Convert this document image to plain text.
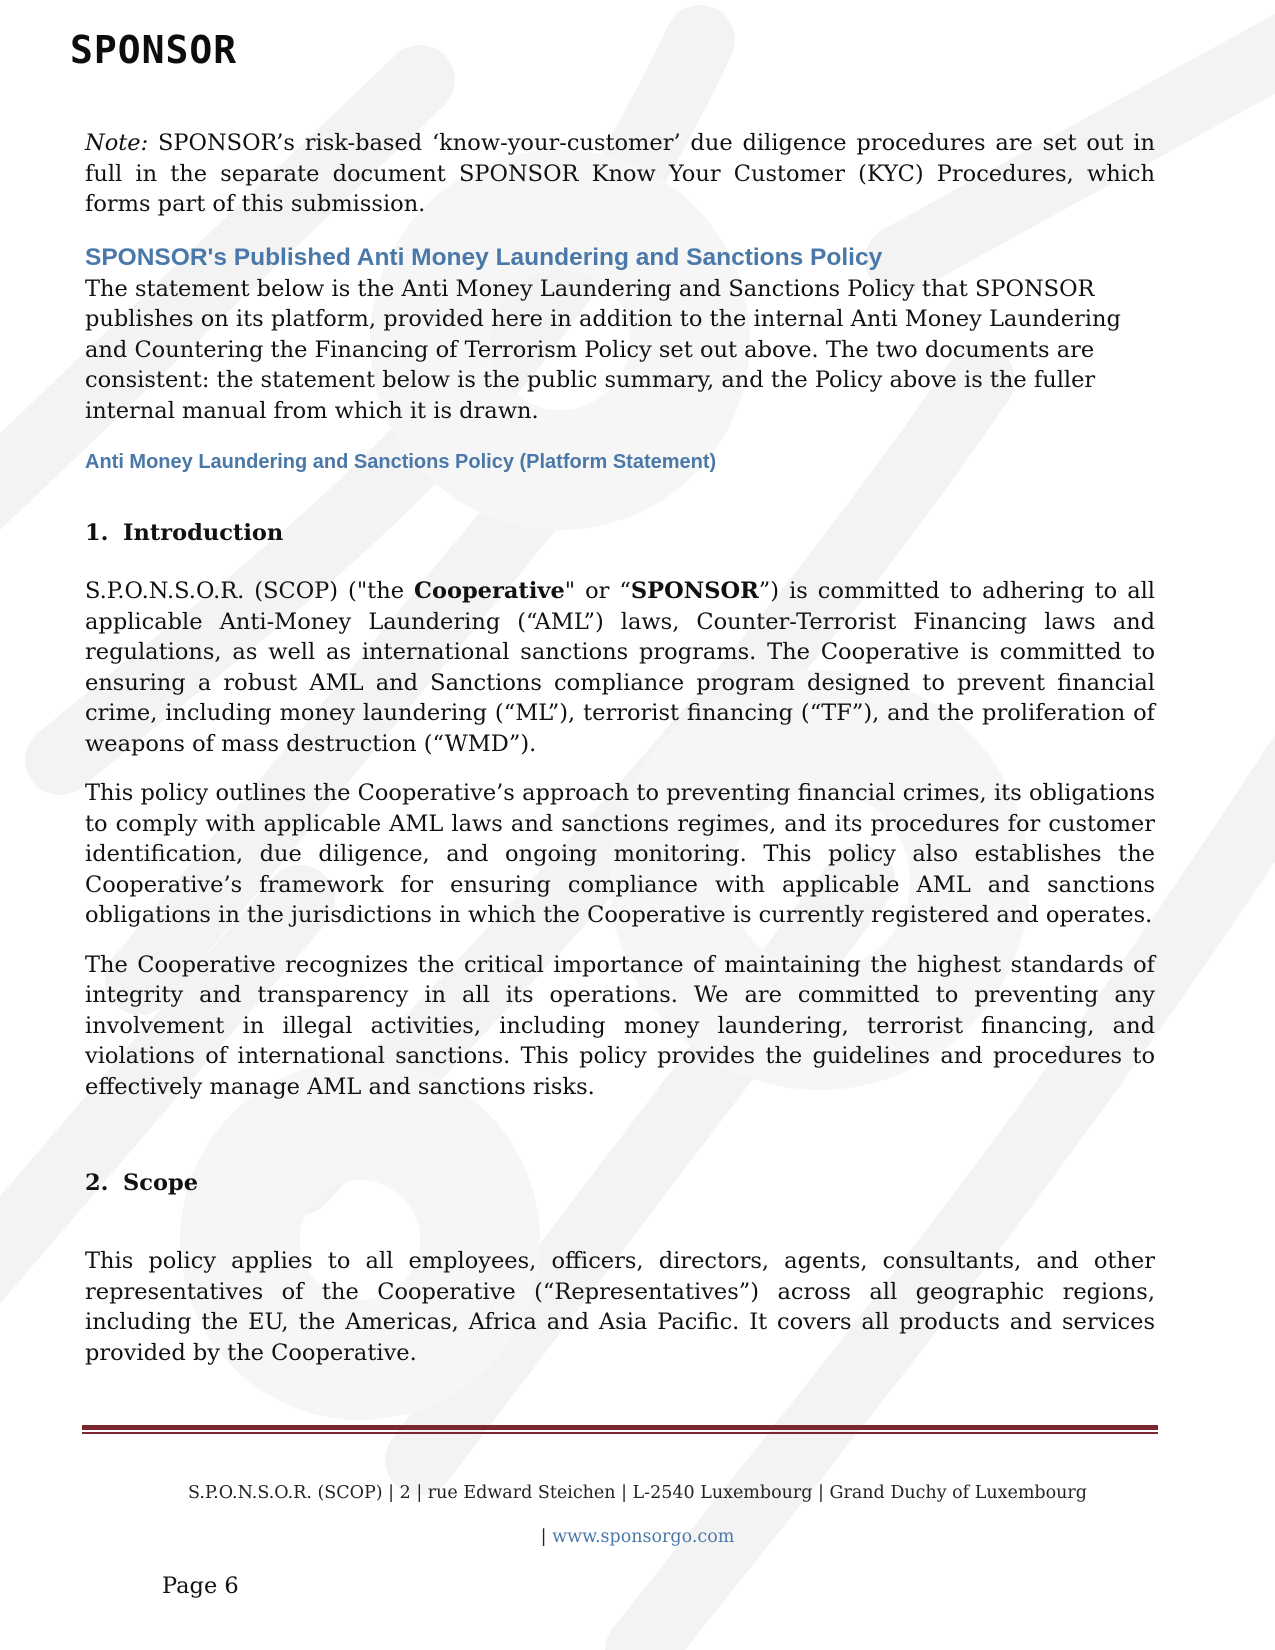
SPONSOR

Note: SPONSOR’s risk-based ‘know-your-customer’ due diligence procedures are set out in full in the separate document SPONSOR Know Your Customer (KYC) Procedures, which forms part of this submission.

SPONSOR's Published Anti Money Laundering and Sanctions Policy

The statement below is the Anti Money Laundering and Sanctions Policy that SPONSOR publishes on its platform, provided here in addition to the internal Anti Money Laundering and Countering the Financing of Terrorism Policy set out above. The two documents are consistent: the statement below is the public summary, and the Policy above is the fuller internal manual from which it is drawn.

Anti Money Laundering and Sanctions Policy (Platform Statement)
1. Introduction

S.P.O.N.S.O.R. (SCOP) ("the Cooperative" or “SPONSOR”) is committed to adhering to all applicable Anti-Money Laundering (“AML”) laws, Counter-Terrorist Financing laws and regulations, as well as international sanctions programs. The Cooperative is committed to ensuring a robust AML and Sanctions compliance program designed to prevent financial crime, including money laundering (“ML”), terrorist financing (“TF”), and the proliferation of weapons of mass destruction (“WMD”).

This policy outlines the Cooperative’s approach to preventing financial crimes, its obligations to comply with applicable AML laws and sanctions regimes, and its procedures for customer identification, due diligence, and ongoing monitoring. This policy also establishes the Cooperative’s framework for ensuring compliance with applicable AML and sanctions obligations in the jurisdictions in which the Cooperative is currently registered and operates.

The Cooperative recognizes the critical importance of maintaining the highest standards of integrity and transparency in all its operations. We are committed to preventing any involvement in illegal activities, including money laundering, terrorist financing, and violations of international sanctions. This policy provides the guidelines and procedures to effectively manage AML and sanctions risks.

2. Scope

This policy applies to all employees, officers, directors, agents, consultants, and other representatives of the Cooperative (“Representatives”) across all geographic regions, including the EU, the Americas, Africa and Asia Pacific. It covers all products and services provided by the Cooperative.

S.P.O.N.S.O.R. (SCOP) | 2 | rue Edward Steichen | L-2540 Luxembourg | Grand Duchy of Luxembourg
| www.sponsorgo.com
Page 6
